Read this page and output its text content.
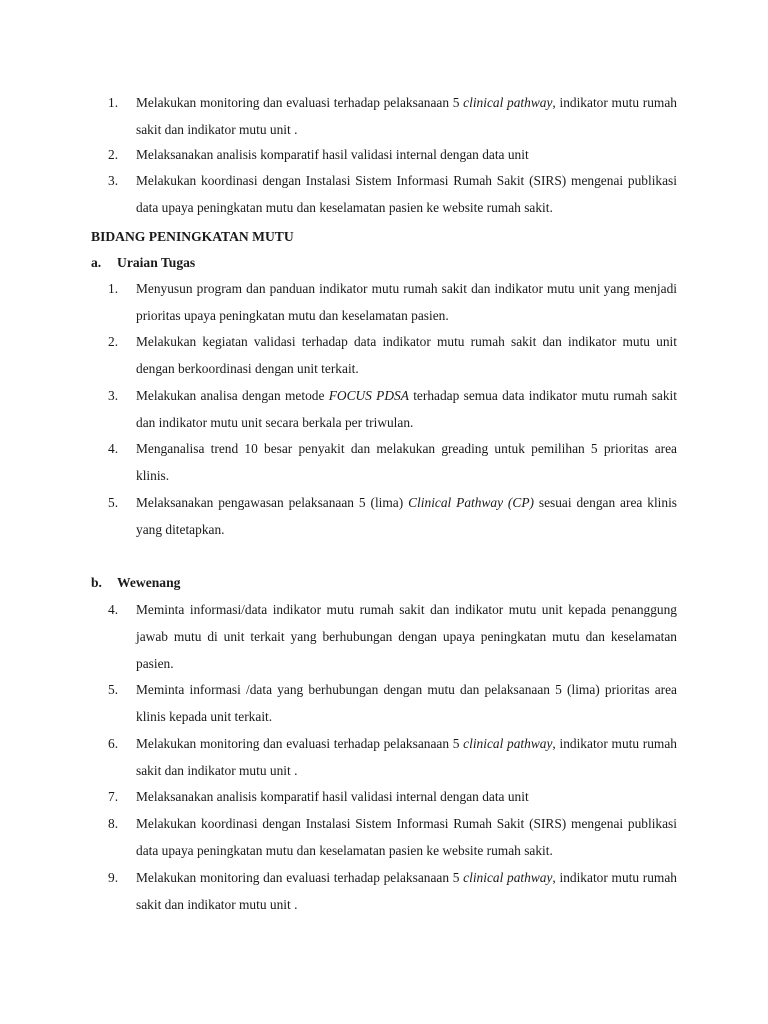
1. Melakukan monitoring dan evaluasi terhadap pelaksanaan 5 clinical pathway, indikator mutu rumah sakit dan indikator mutu unit .
2. Melaksanakan analisis komparatif hasil validasi internal dengan data unit
3. Melakukan koordinasi dengan Instalasi Sistem Informasi Rumah Sakit (SIRS) mengenai publikasi data upaya peningkatan mutu dan keselamatan pasien ke website rumah sakit.
BIDANG PENINGKATAN MUTU
a. Uraian Tugas
1. Menyusun program dan panduan indikator mutu rumah sakit dan indikator mutu unit yang menjadi prioritas upaya peningkatan mutu dan keselamatan pasien.
2. Melakukan kegiatan validasi terhadap data indikator mutu rumah sakit dan indikator mutu unit dengan berkoordinasi dengan unit terkait.
3. Melakukan analisa dengan metode FOCUS PDSA terhadap semua data indikator mutu rumah sakit dan indikator mutu unit secara berkala per triwulan.
4. Menganalisa trend 10 besar penyakit dan melakukan greading untuk pemilihan 5 prioritas area klinis.
5. Melaksanakan pengawasan pelaksanaan 5 (lima) Clinical Pathway (CP) sesuai dengan area klinis yang ditetapkan.
b. Wewenang
4. Meminta informasi/data indikator mutu rumah sakit dan indikator mutu unit kepada penanggung jawab mutu di unit terkait yang berhubungan dengan upaya peningkatan mutu dan keselamatan pasien.
5. Meminta informasi /data yang berhubungan dengan mutu dan pelaksanaan 5 (lima) prioritas area klinis kepada unit terkait.
6. Melakukan monitoring dan evaluasi terhadap pelaksanaan 5 clinical pathway, indikator mutu rumah sakit dan indikator mutu unit .
7. Melaksanakan analisis komparatif hasil validasi internal dengan data unit
8. Melakukan koordinasi dengan Instalasi Sistem Informasi Rumah Sakit (SIRS) mengenai publikasi data upaya peningkatan mutu dan keselamatan pasien ke website rumah sakit.
9. Melakukan monitoring dan evaluasi terhadap pelaksanaan 5 clinical pathway, indikator mutu rumah sakit dan indikator mutu unit .
